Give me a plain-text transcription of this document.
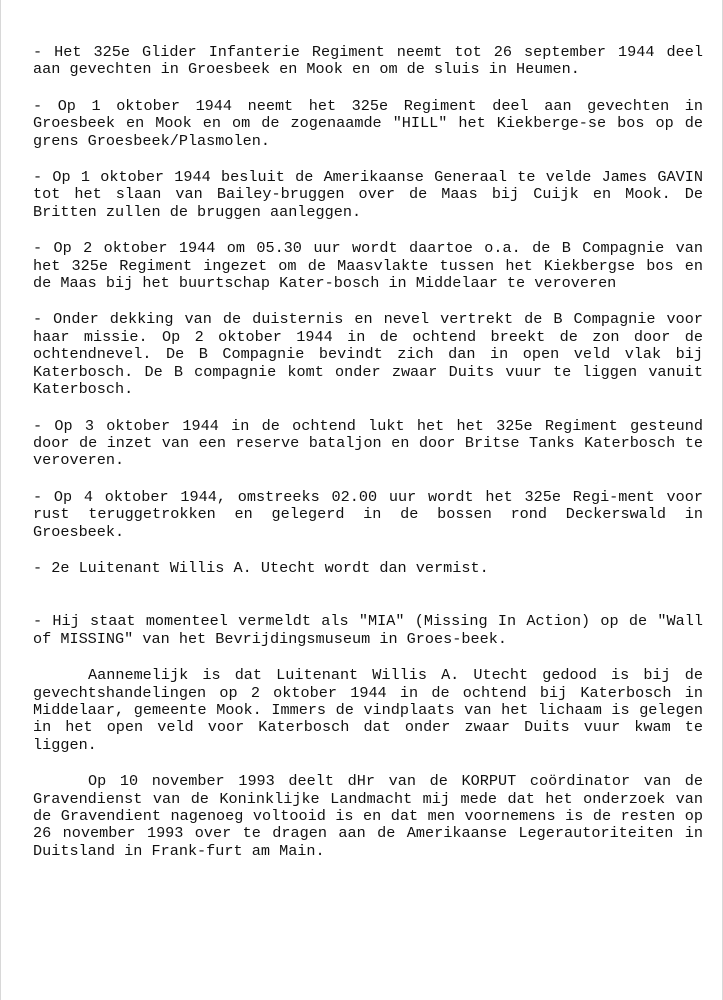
- Het 325e Glider Infanterie Regiment neemt tot 26 september 1944 deel aan gevechten in Groesbeek en Mook en om de sluis in Heumen.

- Op 1 oktober 1944 neemt het 325e Regiment deel aan gevechten in Groesbeek en Mook en om de zogenaamde "HILL" het Kiekberge-se bos op de grens Groesbeek/Plasmolen.

- Op 1 oktober 1944 besluit de Amerikaanse Generaal te velde James GAVIN tot het slaan van Bailey-bruggen over de Maas bij Cuijk en Mook. De Britten zullen de bruggen aanleggen.

- Op 2 oktober 1944 om 05.30 uur wordt daartoe o.a. de B Compagnie van het 325e Regiment ingezet om de Maasvlakte tussen het Kiekbergse bos en de Maas bij het buurtschap Kater-bosch in Middelaar te veroveren

- Onder dekking van de duisternis en nevel vertrekt de B Compagnie voor haar missie. Op 2 oktober 1944 in de ochtend breekt de zon door de ochtendnevel. De B Compagnie bevindt zich dan in open veld vlak bij Katerbosch. De B compagnie komt onder zwaar Duits vuur te liggen vanuit Katerbosch.

- Op 3 oktober 1944 in de ochtend lukt het het 325e Regiment gesteund door de inzet van een reserve bataljon en door Britse Tanks Katerbosch te veroveren.

- Op 4 oktober 1944, omstreeks 02.00 uur wordt het 325e Regi-ment voor rust teruggetrokken en gelegerd in de bossen rond Deckerswald in Groesbeek.

- 2e Luitenant Willis A. Utecht wordt dan vermist.

- Hij staat momenteel vermeldt als "MIA" (Missing In Action) op de "Wall of MISSING" van het Bevrijdingsmuseum in Groes-beek.

Aannemelijk is dat Luitenant Willis A. Utecht gedood is bij de gevechtshandelingen op 2 oktober 1944 in de ochtend bij Katerbosch in Middelaar, gemeente Mook. Immers de vindplaats van het lichaam is gelegen in het open veld voor Katerbosch dat onder zwaar Duits vuur kwam te liggen.

Op 10 november 1993 deelt dHr van de KORPUT coördinator van de Gravendienst van de Koninklijke Landmacht mij mede dat het onderzoek van de Gravendient nagenoeg voltooid is en dat men voornemens is de resten op 26 november 1993 over te dragen aan de Amerikaanse Legerautoriteiten in Duitsland in Frank-furt am Main.
